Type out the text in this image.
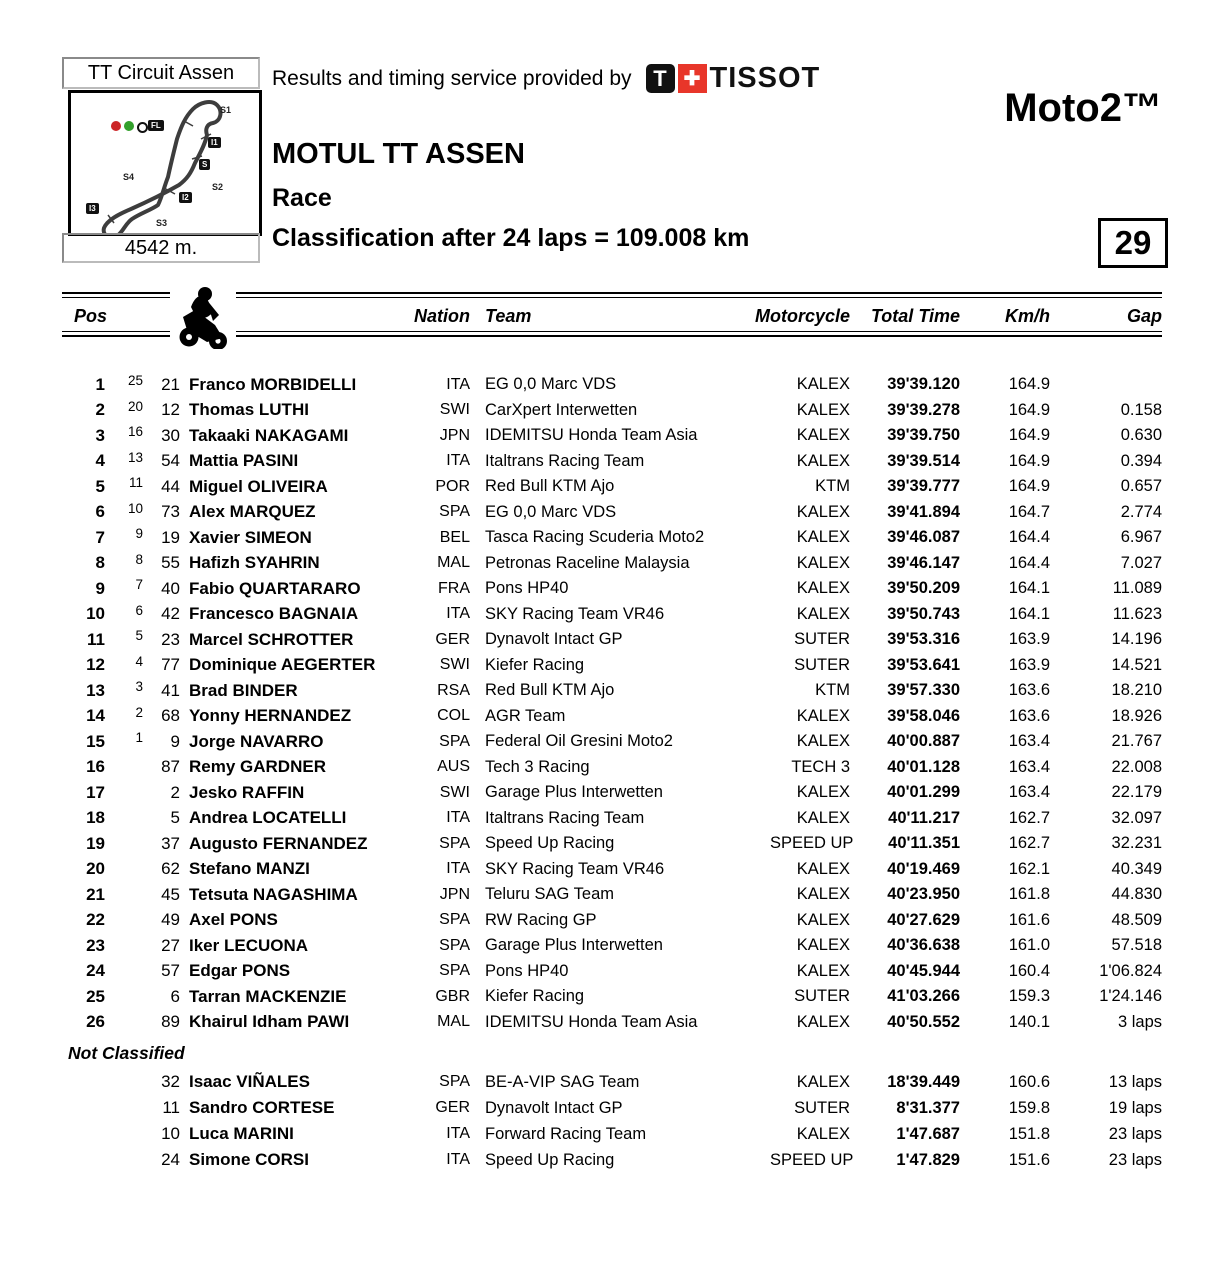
TT Circuit Assen
FL
S1
I1
S
S2
I2
I3
S3
S4
4542 m.
Results and timing service provided by T ✚ TISSOT
Moto2™
MOTUL TT ASSEN
Race
Classification after 24 laps = 109.008 km	29
Pos	Nation Team	Motorcycle	Total Time	Km/h	Gap
1	25	21 Franco MORBIDELLI	ITA EG 0,0 Marc VDS	KALEX	39'39.120	164.9
2	20	12 Thomas LUTHI	SWI CarXpert Interwetten	KALEX	39'39.278	164.9	0.158
3	16	30 Takaaki NAKAGAMI	JPN IDEMITSU Honda Team Asia	KALEX	39'39.750	164.9	0.630
4	13	54 Mattia PASINI	ITA Italtrans Racing Team	KALEX	39'39.514	164.9	0.394
5	11	44 Miguel OLIVEIRA	POR Red Bull KTM Ajo	KTM	39'39.777	164.9	0.657
6	10	73 Alex MARQUEZ	SPA EG 0,0 Marc VDS	KALEX	39'41.894	164.7	2.774
7	9	19 Xavier SIMEON	BEL Tasca Racing Scuderia Moto2	KALEX	39'46.087	164.4	6.967
8	8	55 Hafizh SYAHRIN	MAL Petronas Raceline Malaysia	KALEX	39'46.147	164.4	7.027
9	7	40 Fabio QUARTARARO	FRA Pons HP40	KALEX	39'50.209	164.1	11.089
10	6	42 Francesco BAGNAIA	ITA SKY Racing Team VR46	KALEX	39'50.743	164.1	11.623
11	5	23 Marcel SCHROTTER	GER Dynavolt Intact GP	SUTER	39'53.316	163.9	14.196
12	4	77 Dominique AEGERTER	SWI Kiefer Racing	SUTER	39'53.641	163.9	14.521
13	3	41 Brad BINDER	RSA Red Bull KTM Ajo	KTM	39'57.330	163.6	18.210
14	2	68 Yonny HERNANDEZ	COL AGR Team	KALEX	39'58.046	163.6	18.926
15	1	9 Jorge NAVARRO	SPA Federal Oil Gresini Moto2	KALEX	40'00.887	163.4	21.767
16	87 Remy GARDNER	AUS Tech 3 Racing	TECH 3	40'01.128	163.4	22.008
17	2 Jesko RAFFIN	SWI Garage Plus Interwetten	KALEX	40'01.299	163.4	22.179
18	5 Andrea LOCATELLI	ITA Italtrans Racing Team	KALEX	40'11.217	162.7	32.097
19	37 Augusto FERNANDEZ	SPA Speed Up Racing	SPEED UP	40'11.351	162.7	32.231
20	62 Stefano MANZI	ITA SKY Racing Team VR46	KALEX	40'19.469	162.1	40.349
21	45 Tetsuta NAGASHIMA	JPN Teluru SAG Team	KALEX	40'23.950	161.8	44.830
22	49 Axel PONS	SPA RW Racing GP	KALEX	40'27.629	161.6	48.509
23	27 Iker LECUONA	SPA Garage Plus Interwetten	KALEX	40'36.638	161.0	57.518
24	57 Edgar PONS	SPA Pons HP40	KALEX	40'45.944	160.4	1'06.824
25	6 Tarran MACKENZIE	GBR Kiefer Racing	SUTER	41'03.266	159.3	1'24.146
26	89 Khairul Idham PAWI	MAL IDEMITSU Honda Team Asia	KALEX	40'50.552	140.1	3 laps
Not Classified
32 Isaac VIÑALES	SPA BE-A-VIP SAG Team	KALEX	18'39.449	160.6	13 laps
11 Sandro CORTESE	GER Dynavolt Intact GP	SUTER	8'31.377	159.8	19 laps
10 Luca MARINI	ITA Forward Racing Team	KALEX	1'47.687	151.8	23 laps
24 Simone CORSI	ITA Speed Up Racing	SPEED UP	1'47.829	151.6	23 laps
